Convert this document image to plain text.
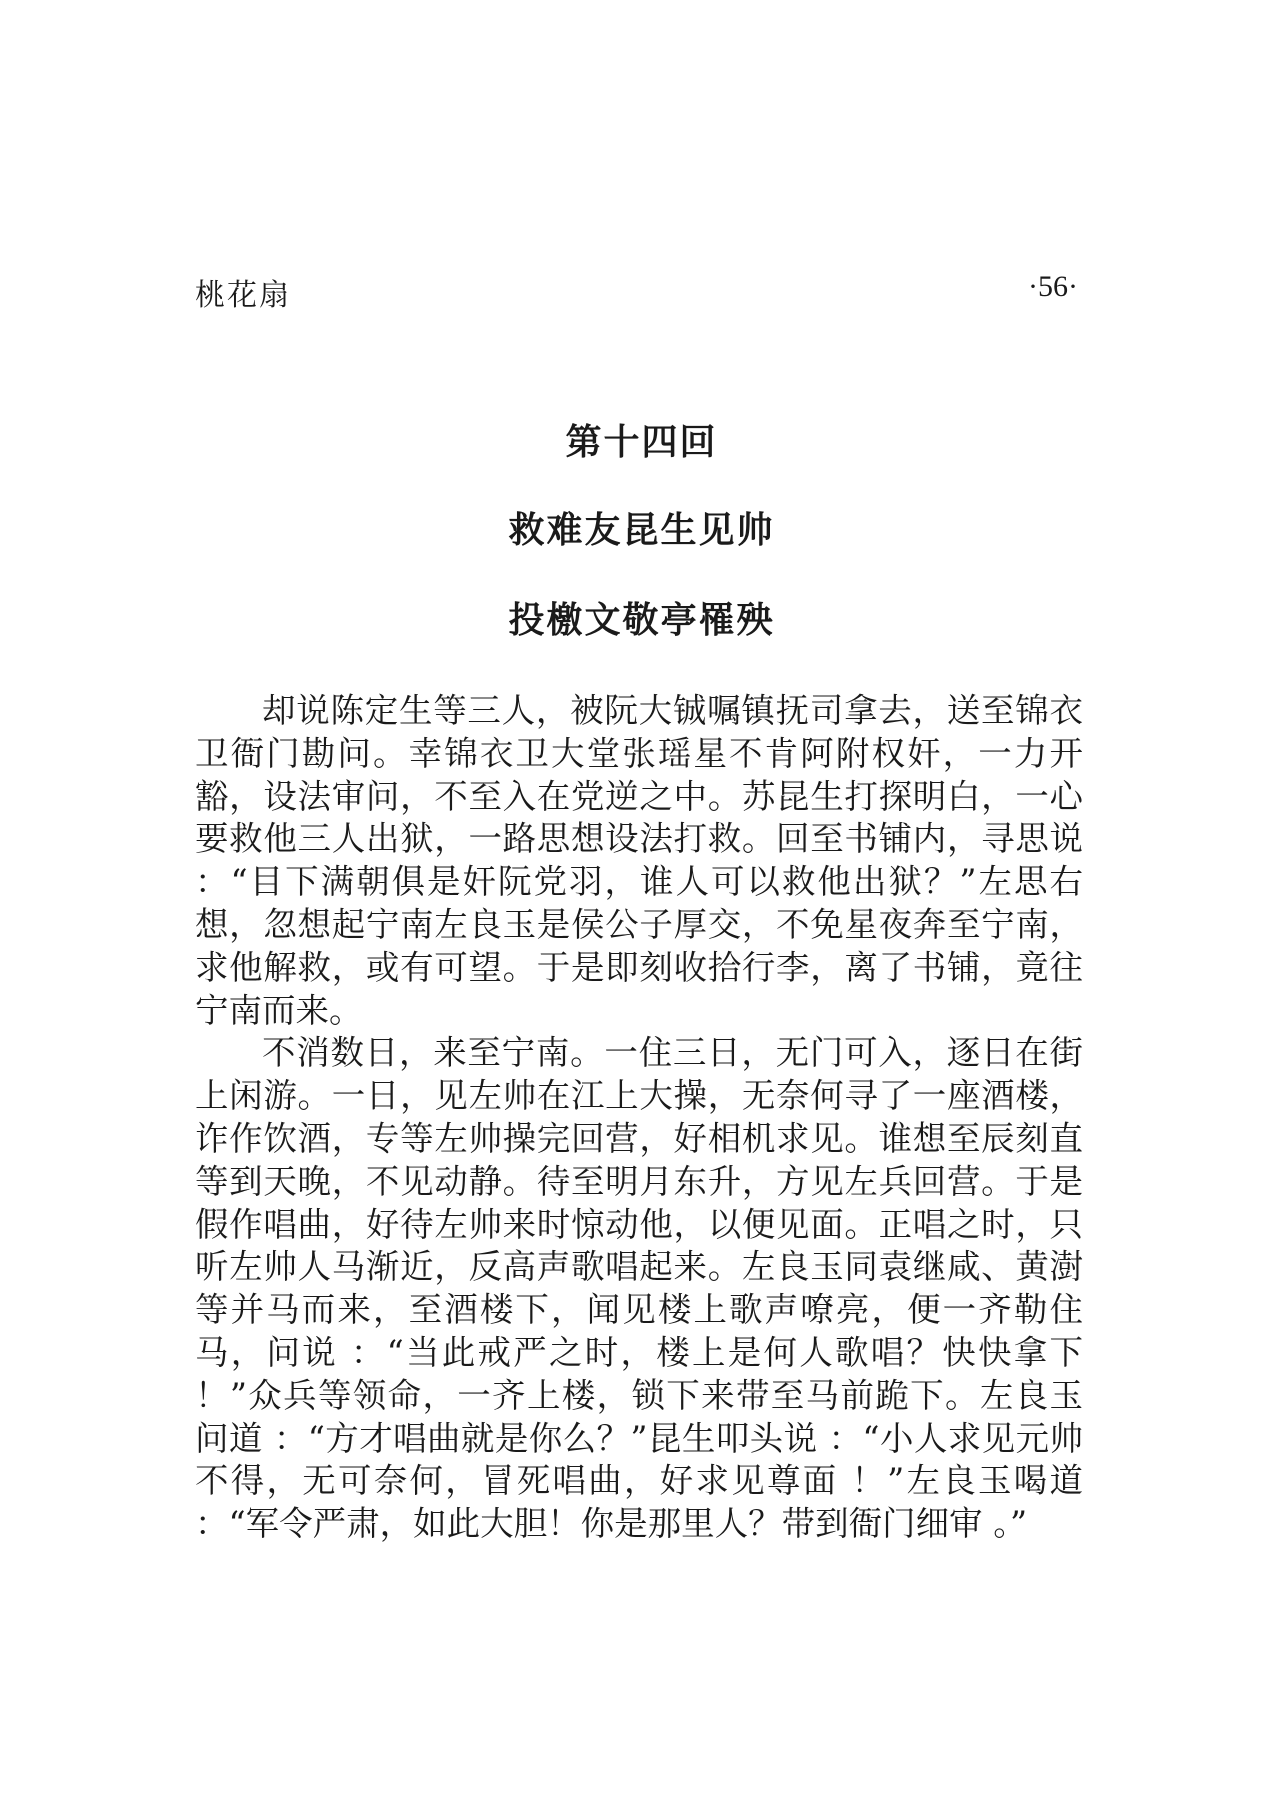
桃花扇	·56·
第十四回
救难友昆生见帅
投檄文敬亭罹殃

却说陈定生等三人，被阮大铖嘱镇抚司拿去，送至锦衣卫衙门勘问。幸锦衣卫大堂张瑶星不肯阿附权奸，一力开豁，设法审问，不至入在党逆之中。苏昆生打探明白，一心要救他三人出狱，一路思想设法打救。回至书铺内，寻思说 ：“目下满朝俱是奸阮党羽，谁人可以救他出狱？”左思右想，忽想起宁南左良玉是侯公子厚交，不免星夜奔至宁南，求他解救，或有可望。于是即刻收拾行李，离了书铺，竟往宁南而来。

不消数日，来至宁南。一住三日，无门可入，逐日在街上闲游。一日，见左帅在江上大操，无奈何寻了一座酒楼，诈作饮酒，专等左帅操完回营，好相机求见。谁想至辰刻直等到天晚，不见动静。待至明月东升，方见左兵回营。于是假作唱曲，好待左帅来时惊动他，以便见面。正唱之时，只听左帅人马渐近，反高声歌唱起来。左良玉同袁继咸、黄澍等并马而来，至酒楼下，闻见楼上歌声嘹亮，便一齐勒住马，问说 ：“当此戒严之时，楼上是何人歌唱？快快拿下 ！”众兵等领命，一齐上楼，锁下来带至马前跪下。左良玉问道 ：“方才唱曲就是你么？”昆生叩头说 ：“小人求见元帅不得，无可奈何，冒死唱曲，好求见尊面 ！”左良玉喝道 ：“军令严肃，如此大胆！你是那里人？带到衙门细审 。”
